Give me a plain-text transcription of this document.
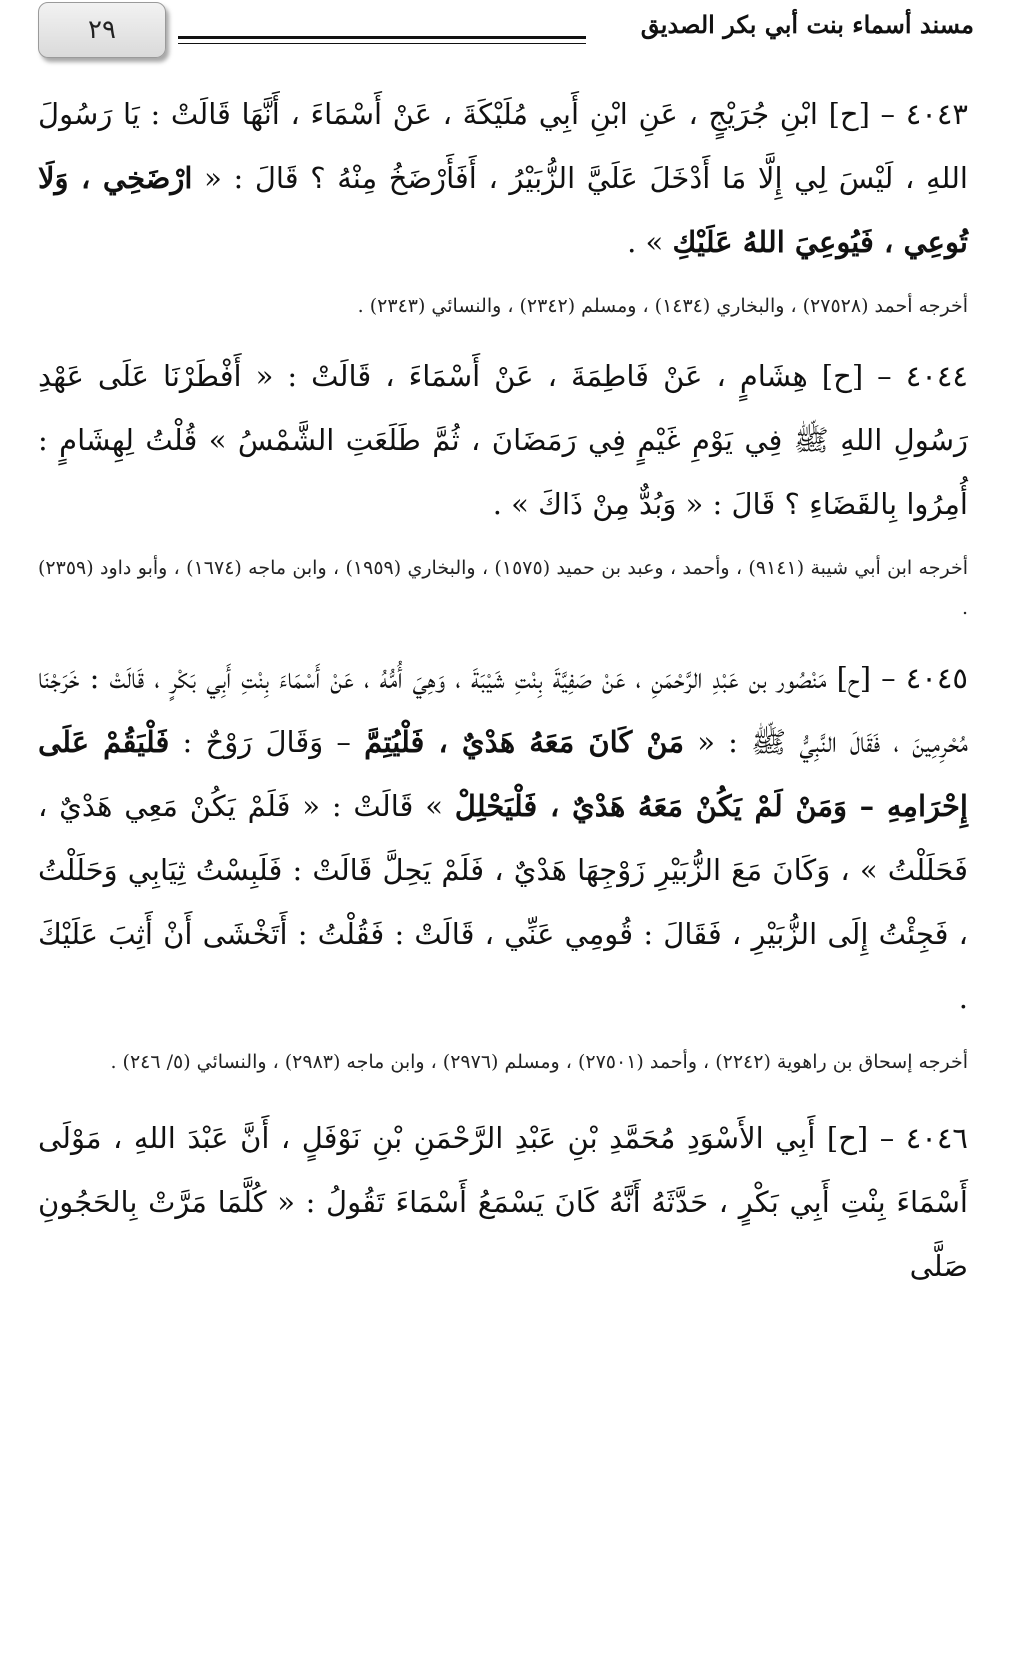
٢٩	مسند أسماء بنت أبي بكر الصديق

٤٠٤٣ – [ح] ابْنِ جُرَيْجٍ ، عَنِ ابْنِ أَبِي مُلَيْكَةَ ، عَنْ أَسْمَاءَ ، أَنَّهَا قَالَتْ : يَا رَسُولَ اللهِ ، لَيْسَ لِي إِلَّا مَا أَدْخَلَ عَلَيَّ الزُّبَيْرُ ، أَفَأَرْضَخُ مِنْهُ ؟ قَالَ : « ارْضَخِي ، وَلَا تُوعِي ، فَيُوعِيَ اللهُ عَلَيْكِ » .

أخرجه أحمد (٢٧٥٢٨) ، والبخاري (١٤٣٤) ، ومسلم (٢٣٤٢) ، والنسائي (٢٣٤٣) .

٤٠٤٤ – [ح] هِشَامٍ ، عَنْ فَاطِمَةَ ، عَنْ أَسْمَاءَ ، قَالَتْ : « أَفْطَرْنَا عَلَى عَهْدِ رَسُولِ اللهِ ﷺ فِي يَوْمِ غَيْمٍ فِي رَمَضَانَ ، ثُمَّ طَلَعَتِ الشَّمْسُ » قُلْتُ لِهِشَامٍ : أُمِرُوا بِالقَضَاءِ ؟ قَالَ : « وَبُدٌّ مِنْ ذَاكَ » .

أخرجه ابن أبي شيبة (٩١٤١) ، وأحمد ، وعبد بن حميد (١٥٧٥) ، والبخاري (١٩٥٩) ، وابن ماجه (١٦٧٤) ، وأبو داود (٢٣٥٩) .

٤٠٤٥ – [ح] مَنْصُور بن عَبْدِ الرَّحْمَنِ ، عَنْ صَفِيَّةَ بِنْتِ شَيْبَةَ ، وَهِيَ أُمُّهُ ، عَنْ أَسْمَاءَ بِنْتِ أَبِي بَكْرٍ ، قَالَتْ : خَرَجْنَا مُحْرِمِينَ ، فَقَالَ النَّبِيُّ ﷺ : « مَنْ كَانَ مَعَهُ هَدْيٌ ، فَلْيُتِمَّ – وَقَالَ رَوْحٌ : فَلْيَقُمْ عَلَى إِحْرَامِهِ – وَمَنْ لَمْ يَكُنْ مَعَهُ هَدْيٌ ، فَلْيَحْلِلْ » قَالَتْ : « فَلَمْ يَكُنْ مَعِي هَدْيٌ ، فَحَلَلْتُ » ، وَكَانَ مَعَ الزُّبَيْرِ زَوْجِهَا هَدْيٌ ، فَلَمْ يَحِلَّ قَالَتْ : فَلَبِسْتُ ثِيَابِي وَحَلَلْتُ ، فَجِئْتُ إِلَى الزُّبَيْرِ ، فَقَالَ : قُومِي عَنِّي ، قَالَتْ : فَقُلْتُ : أَتَخْشَى أَنْ أَثِبَ عَلَيْكَ .

أخرجه إسحاق بن راهوية (٢٢٤٢) ، وأحمد (٢٧٥٠١) ، ومسلم (٢٩٧٦) ، وابن ماجه (٢٩٨٣) ، والنسائي (٥/ ٢٤٦) .

٤٠٤٦ – [ح] أَبِي الأَسْوَدِ مُحَمَّدِ بْنِ عَبْدِ الرَّحْمَنِ بْنِ نَوْفَلٍ ، أَنَّ عَبْدَ اللهِ ، مَوْلَى أَسْمَاءَ بِنْتِ أَبِي بَكْرٍ ، حَدَّثَهُ أَنَّهُ كَانَ يَسْمَعُ أَسْمَاءَ تَقُولُ : « كُلَّمَا مَرَّتْ بِالحَجُونِ صَلَّى
